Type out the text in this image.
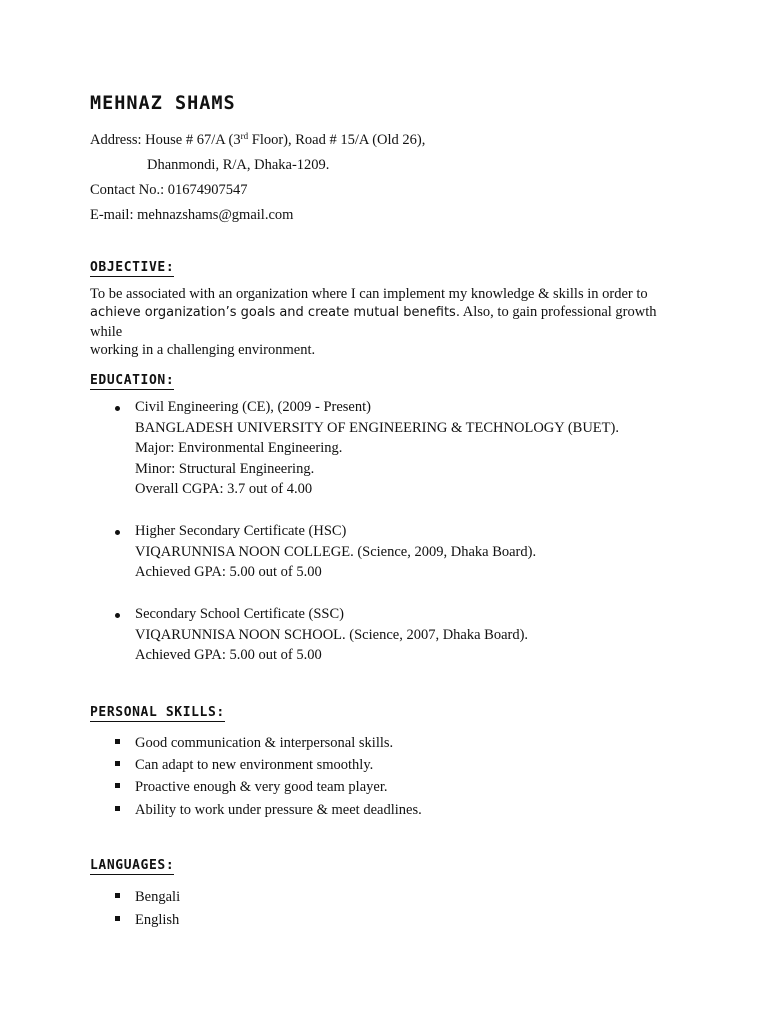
MEHNAZ SHAMS
Address: House # 67/A (3rd Floor), Road # 15/A (Old 26),
Dhanmondi, R/A, Dhaka-1209.
Contact No.: 01674907547
E-mail: mehnazshams@gmail.com
OBJECTIVE:
To be associated with an organization where I can implement my knowledge & skills in order to
achieve organization’s goals and create mutual benefits. Also, to gain professional growth while
working in a challenging environment.
EDUCATION:
Civil Engineering (CE), (2009 - Present)
BANGLADESH UNIVERSITY OF ENGINEERING & TECHNOLOGY (BUET).
Major: Environmental Engineering.
Minor: Structural Engineering.
Overall CGPA: 3.7 out of 4.00
Higher Secondary Certificate (HSC)
VIQARUNNISA NOON COLLEGE. (Science, 2009, Dhaka Board).
Achieved GPA: 5.00 out of 5.00
Secondary School Certificate (SSC)
VIQARUNNISA NOON SCHOOL. (Science, 2007, Dhaka Board).
Achieved GPA: 5.00 out of 5.00
PERSONAL SKILLS:
Good communication & interpersonal skills.
Can adapt to new environment smoothly.
Proactive enough & very good team player.
Ability to work under pressure & meet deadlines.
LANGUAGES:
Bengali
English
